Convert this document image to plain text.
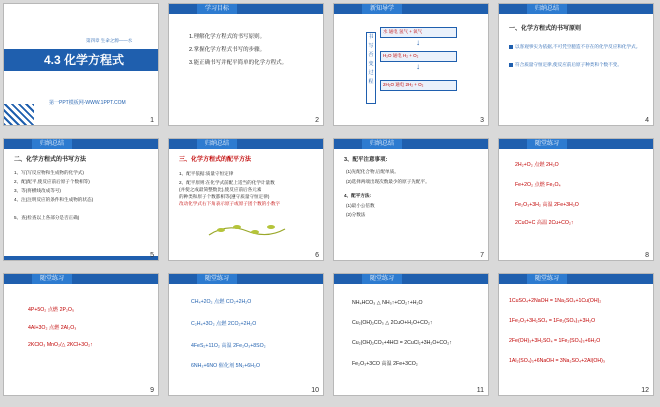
第四章 生命之源——水
4.3 化学方程式
第一PPT模板网-WWW.1PPT.COM
1
学习目标
1.理解化学方程式的书写原则。
2.掌握化学方程式书写的步骤。
3.能正确书写并配平简单的化学方程式。
2
新知导学
书写否变过程
水 通电 氢气 + 氧气
↓
H₂O 通电 H₂ + O₂
↓
2H₂O 通电 2H₂ + O₂
3
归纳总结
一、化学方程式的书写原则
以客观事实为依据,不可凭空臆造不存在的化学反应和化学式。
符合质量守恒定律,使反应前后原子种类和个数不变。
4
归纳总结
二、化学方程式的书写方法
1、写(写反应物和生成物的化学式)
2、配(配平,使反应前后原子个数相等)
3、等(将横线改成等号)
4、注(注明反应的条件和生成物的状态)
5、查(检查以上各部分是否正确)
5
归纳总结
三、化学方程式的配平方法
1、配平依据:质量守恒定律
2、配平原则:在化学式前配上适当的化学计量数
(并使之成最简整数比),使反应前后各元素
的种类和原子个数都相等(遵守质量守恒定律)
改动化学式右下角表示原子或原子团个数的小数字
6
归纳总结
3、配平注意事项:
(1)先配化合物,后配单质。
(2)选择两端出现次数最少的原子先配平。
4、配平方法:
(1)最小公倍数
(2)分数法
7
随堂练习
2H₂+O₂ 点燃 2H₂O
Fe+2O₂ 点燃 Fe₃O₄
Fe₂O₃+3H₂ 高温 2Fe+3H₂O
2CuO+C 高温 2Cu+CO₂↑
8
随堂练习
4P+5O₂ 点燃 2P₂O₅
4Al+3O₂ 点燃 2Al₂O₃
2KClO₃ MnO₂/△ 2KCl+3O₂↑
9
随堂练习
CH₄+2O₂ 点燃 CO₂+2H₂O
C₂H₄+3O₂ 点燃 2CO₂+2H₂O
4FeS₂+11O₂ 高温 2Fe₂O₃+8SO₂
6NH₃+6NO 催化剂 5N₂+6H₂O
10
随堂练习
NH₄HCO₃ △ NH₃↑+CO₂↑+H₂O
Cu₂(OH)₂CO₃ △ 2CuO+H₂O+CO₂↑
Cu₂(OH)₂CO₃+4HCl = 2CuCl₂+3H₂O+CO₂↑
Fe₂O₃+3CO 高温 2Fe+3CO₂
11
随堂练习
1CuSO₄+2NaOH = 1Na₂SO₄+1Cu(OH)₂
1Fe₂O₃+3H₂SO₄ = 1Fe₂(SO₄)₃+3H₂O
2Fe(OH)₃+3H₂SO₄ = 1Fe₂(SO₄)₃+6H₂O
1Al₂(SO₄)₃+6NaOH = 3Na₂SO₄+2Al(OH)₃
12
